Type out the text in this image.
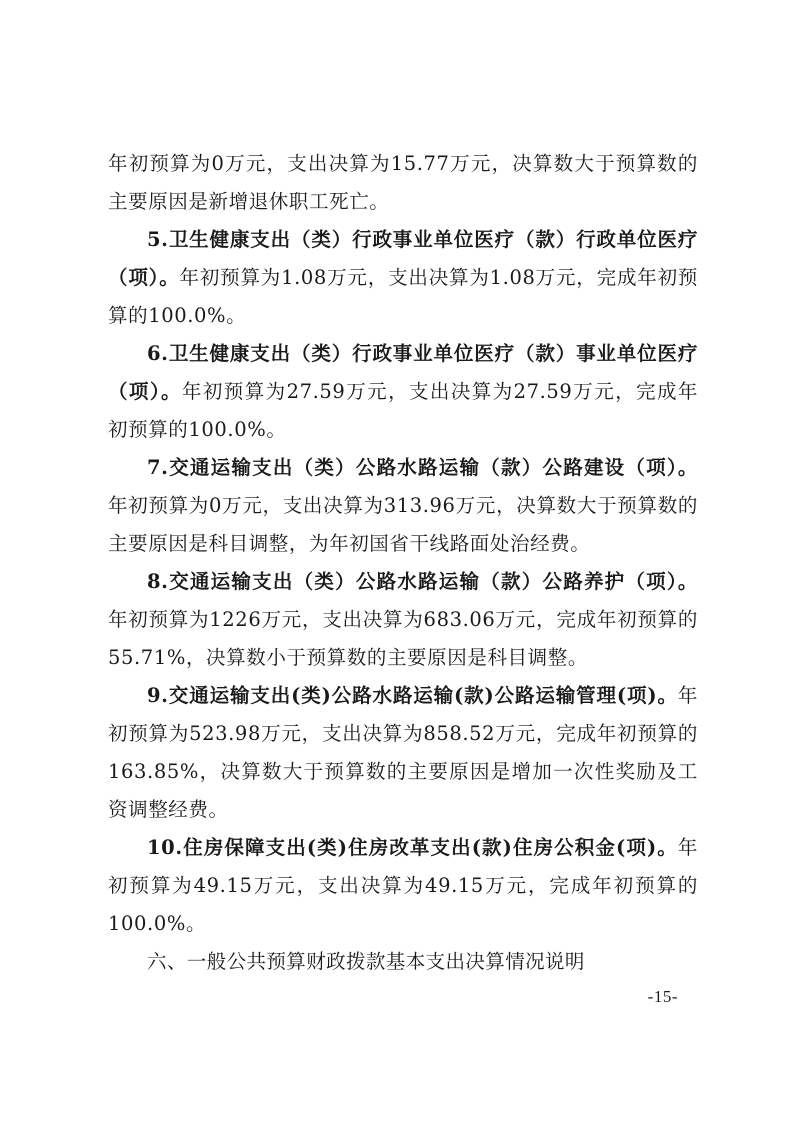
年初预算为0万元，支出决算为15.77万元，决算数大于预算数的主要原因是新增退休职工死亡。

5.卫生健康支出（类）行政事业单位医疗（款）行政单位医疗（项）。年初预算为1.08万元，支出决算为1.08万元，完成年初预算的100.0%。

6.卫生健康支出（类）行政事业单位医疗（款）事业单位医疗（项）。年初预算为27.59万元，支出决算为27.59万元，完成年初预算的100.0%。

7.交通运输支出（类）公路水路运输（款）公路建设（项）。年初预算为0万元，支出决算为313.96万元，决算数大于预算数的主要原因是科目调整，为年初国省干线路面处治经费。

8.交通运输支出（类）公路水路运输（款）公路养护（项）。年初预算为1226万元，支出决算为683.06万元，完成年初预算的55.71%，决算数小于预算数的主要原因是科目调整。

9.交通运输支出(类)公路水路运输(款)公路运输管理(项)。年初预算为523.98万元，支出决算为858.52万元，完成年初预算的163.85%，决算数大于预算数的主要原因是增加一次性奖励及工资调整经费。

10.住房保障支出(类)住房改革支出(款)住房公积金(项)。年初预算为49.15万元，支出决算为49.15万元，完成年初预算的100.0%。

六、一般公共预算财政拨款基本支出决算情况说明

-15-
